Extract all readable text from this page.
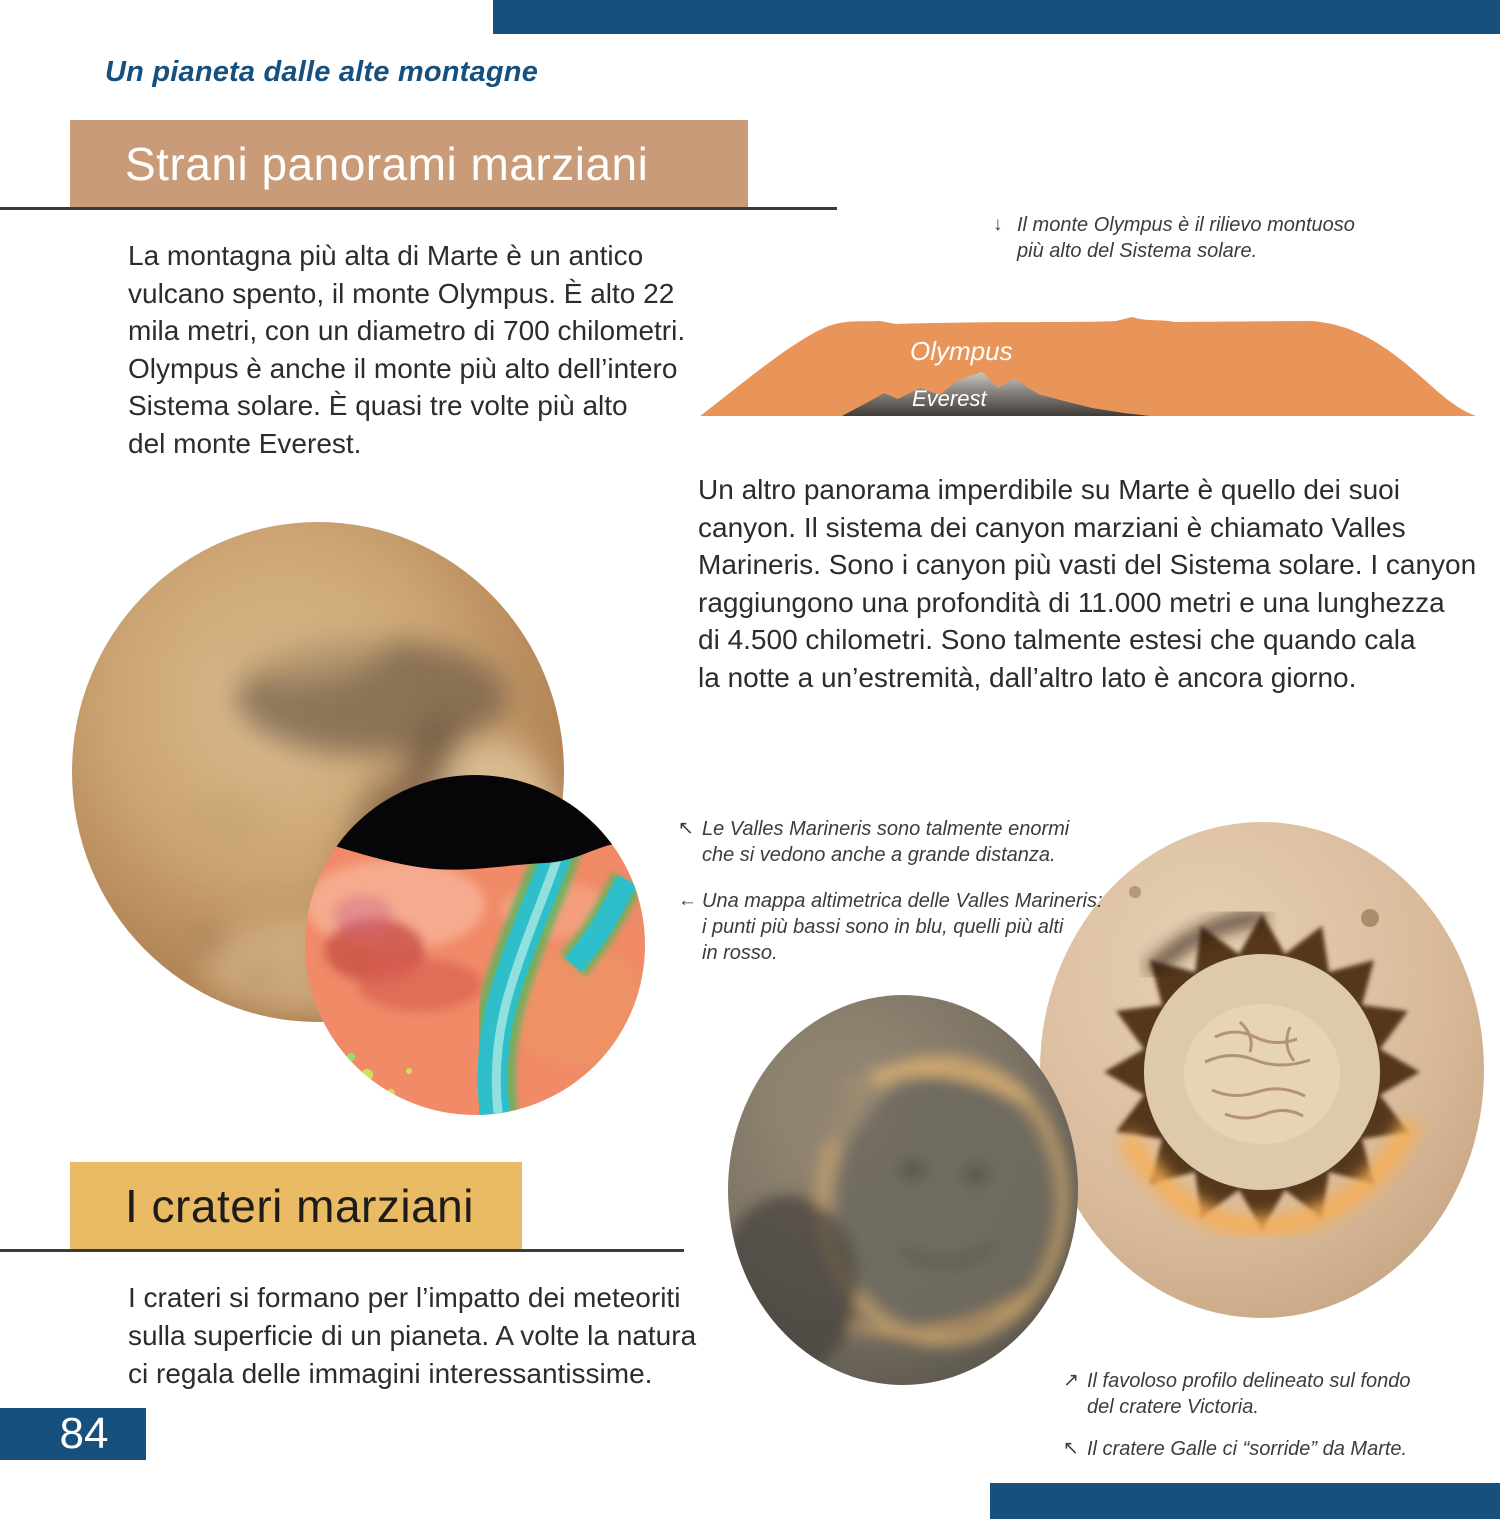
Un pianeta dalle alte montagne
Strani panorami marziani
La montagna più alta di Marte è un antico
vulcano spento, il monte Olympus. È alto 22
mila metri, con un diametro di 700 chilometri.
Olympus è anche il monte più alto dell’intero
Sistema solare. È quasi tre volte più alto
del monte Everest.
↓ Il monte Olympus è il rilievo montuoso
più alto del Sistema solare.
Olympus
Everest
Un altro panorama imperdibile su Marte è quello dei suoi
canyon. Il sistema dei canyon marziani è chiamato Valles
Marineris. Sono i canyon più vasti del Sistema solare. I canyon
raggiungono una profondità di 11.000 metri e una lunghezza
di 4.500 chilometri. Sono talmente estesi che quando cala
la notte a un’estremità, dall’altro lato è ancora giorno.
↖ Le Valles Marineris sono talmente enormi
che si vedono anche a grande distanza.
← Una mappa altimetrica delle Valles Marineris:
i punti più bassi sono in blu, quelli più alti
in rosso.
I crateri marziani
I crateri si formano per l’impatto dei meteoriti
sulla superficie di un pianeta. A volte la natura
ci regala delle immagini interessantissime.	↗ Il favoloso profilo delineato sul fondo
del cratere Victoria.
↖ Il cratere Galle ci “sorride” da Marte.
84
